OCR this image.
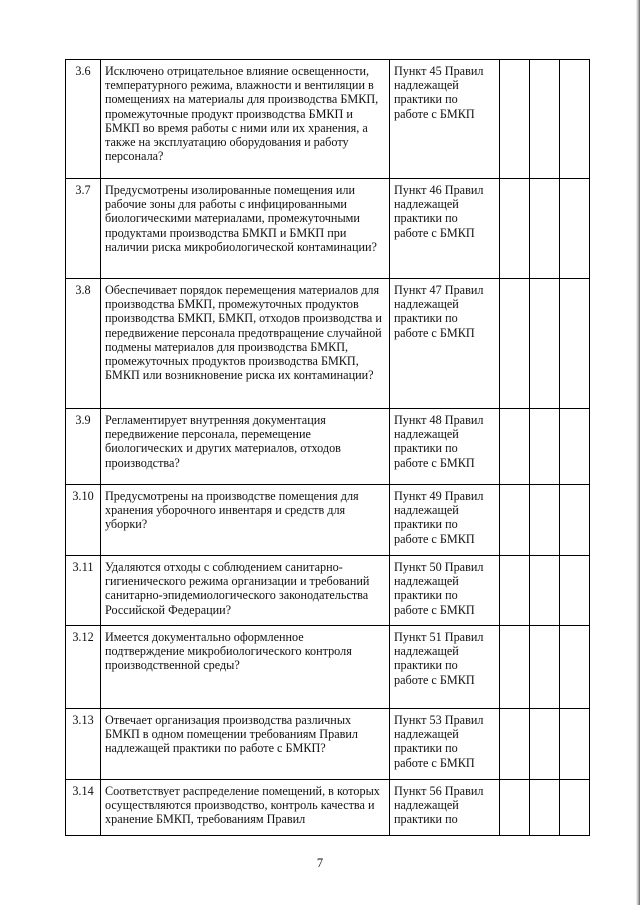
3.6	Исключено отрицательное влияние освещенности, температурного режима, влажности и вентиляции в помещениях на материалы для производства БМКП, промежуточные продукт производства БМКП и БМКП во время работы с ними или их хранения, а также на эксплуатацию оборудования и работу персонала?	Пункт 45 Правил надлежащей практики по работе с БМКП			
3.7	Предусмотрены изолированные помещения или рабочие зоны для работы с инфицированными биологическими материалами, промежуточными продуктами производства БМКП и БМКП при наличии риска микробиологической контаминации?	Пункт 46 Правил надлежащей практики по работе с БМКП			
3.8	Обеспечивает порядок перемещения материалов для производства БМКП, промежуточных продуктов производства БМКП, БМКП, отходов производства и передвижение персонала предотвращение случайной подмены материалов для производства БМКП, промежуточных продуктов производства БМКП, БМКП или возникновение риска их контаминации?	Пункт 47 Правил надлежащей практики по работе с БМКП			
3.9	Регламентирует внутренняя документация передвижение персонала, перемещение биологических и других материалов, отходов производства?	Пункт 48 Правил надлежащей практики по работе с БМКП			
3.10	Предусмотрены на производстве помещения для хранения уборочного инвентаря и средств для уборки?	Пункт 49 Правил надлежащей практики по работе с БМКП			
3.11	Удаляются отходы с соблюдением санитарно-гигиенического режима организации и требований санитарно-эпидемиологического законодательства Российской Федерации?	Пункт 50 Правил надлежащей практики по работе с БМКП			
3.12	Имеется документально оформленное подтверждение микробиологического контроля производственной среды?	Пункт 51 Правил надлежащей практики по работе с БМКП			
3.13	Отвечает организация производства различных БМКП в одном помещении требованиям Правил надлежащей практики по работе с БМКП?	Пункт 53 Правил надлежащей практики по работе с БМКП			
3.14	Соответствует распределение помещений, в которых осуществляются производство, контроль качества и хранение БМКП, требованиям Правил	Пункт 56 Правил надлежащей практики по			
7
